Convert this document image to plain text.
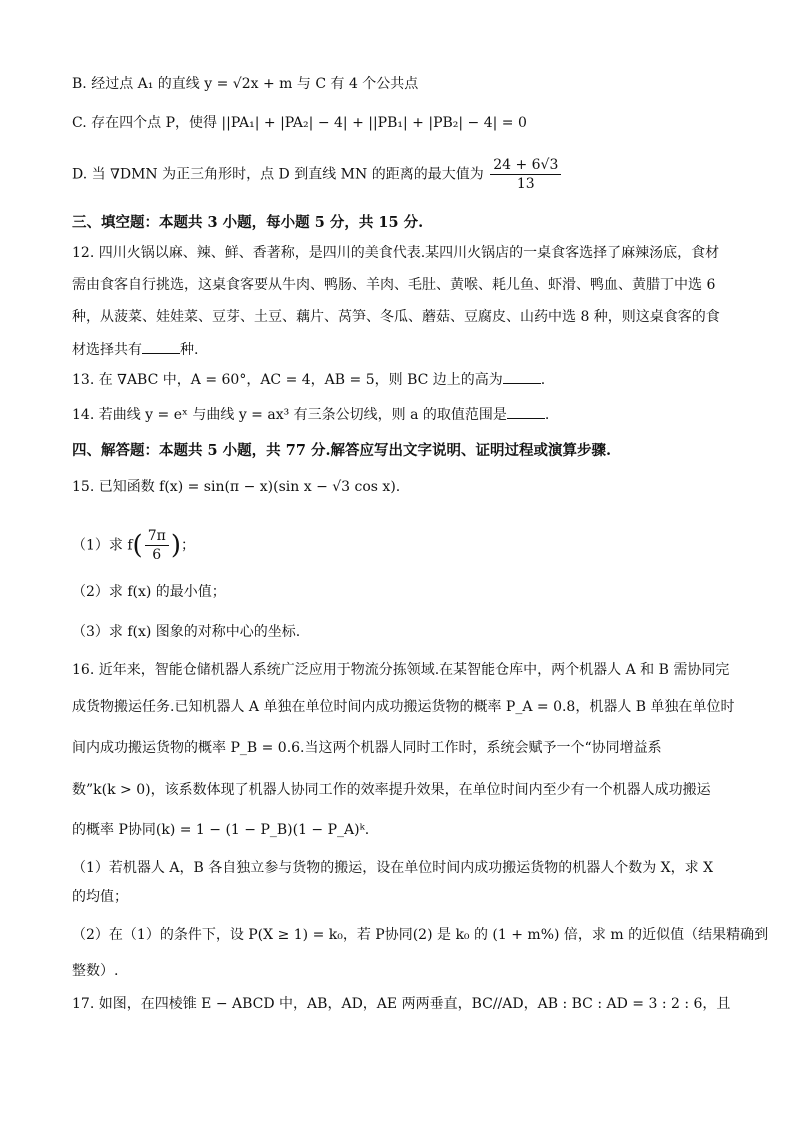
B. 经过点 A₁ 的直线 y = √2x + m 与 C 有 4 个公共点
C. 存在四个点 P，使得 ||PA₁| + |PA₂| − 4| + ||PB₁| + |PB₂| − 4| = 0
D. 当 ∇DMN 为正三角形时，点 D 到直线 MN 的距离的最大值为 $\frac{24 + 6√3}{13}$
三、填空题：本题共 3 小题，每小题 5 分，共 15 分.
12. 四川火锅以麻、辣、鲜、香著称，是四川的美食代表.某四川火锅店的一桌食客选择了麻辣汤底，食材
需由食客自行挑选，这桌食客要从牛肉、鸭肠、羊肉、毛肚、黄喉、耗儿鱼、虾滑、鸭血、黄腊丁中选 6
种，从菠菜、娃娃菜、豆芽、土豆、藕片、莴笋、冬瓜、蘑菇、豆腐皮、山药中选 8 种，则这桌食客的食
材选择共有	种.
13. 在 ∇ABC 中，A = 60°，AC = 4，AB = 5，则 BC 边上的高为	.
14. 若曲线 y = eˣ 与曲线 y = ax³ 有三条公切线，则 a 的取值范围是	.
四、解答题：本题共 5 小题，共 77 分.解答应写出文字说明、证明过程或演算步骤.
15. 已知函数 f(x) = sin(π − x)(sin x − √3 cos x).
（1）求 $f( \frac{7\pi}{6}$ )；
（2）求 f(x) 的最小值；
（3）求 f(x) 图象的对称中心的坐标.
16. 近年来，智能仓储机器人系统广泛应用于物流分拣领域.在某智能仓库中，两个机器人 A 和 B 需协同完
成货物搬运任务.已知机器人 A 单独在单位时间内成功搬运货物的概率 P_A = 0.8，机器人 B 单独在单位时
间内成功搬运货物的概率 P_B = 0.6.当这两个机器人同时工作时，系统会赋予一个“协同增益系
数”k(k > 0)，该系数体现了机器人协同工作的效率提升效果，在单位时间内至少有一个机器人成功搬运
的概率 P协同(k) = 1 − (1 − P_B)(1 − P_A)ᵏ.
（1）若机器人 A，B 各自独立参与货物的搬运，设在单位时间内成功搬运货物的机器人个数为 X，求 X
的均值；
（2）在（1）的条件下，设 P(X ≥ 1) = k₀，若 P协同(2) 是 k₀ 的 (1 + m%) 倍，求 m 的近似值（结果精确到
整数）.
17. 如图，在四棱锥 E − ABCD 中，AB，AD，AE 两两垂直，BC//AD，AB : BC : AD = 3 : 2 : 6，且
